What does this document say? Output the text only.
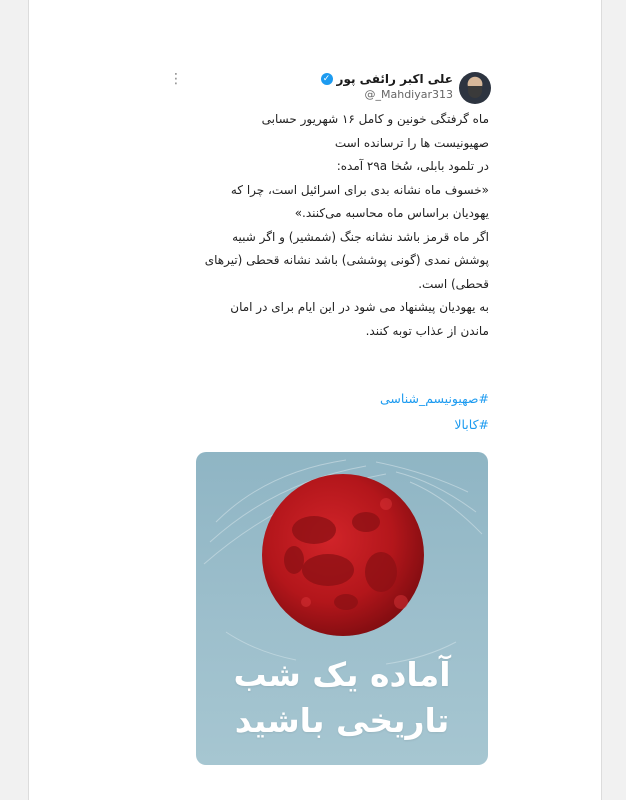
علی اکبر رائفی پور
✓
@_Mahdiyar313
⋮

ماه گرفتگی خونین و کامل ۱۶ شهریور حسابی

صهیونیست ها را ترسانده است

در تلمود بابلی، سُخا ۲۹a آمده:

«خسوف ماه نشانه بدی برای اسرائیل است، چرا که

یهودیان براساس ماه محاسبه می‌کنند.»

اگر ماه قرمز باشد نشانه جنگ (شمشیر) و اگر شبیه

پوشش نمدی (گونی پوششی) باشد نشانه قحطی (تیرهای

قحطی) است.

به یهودیان پیشنهاد می شود در این ایام برای در امان

ماندن از عذاب توبه کنند.

#صهیونیسم_شناسی
#کابالا
آماده یک شب
تاریخی باشید
